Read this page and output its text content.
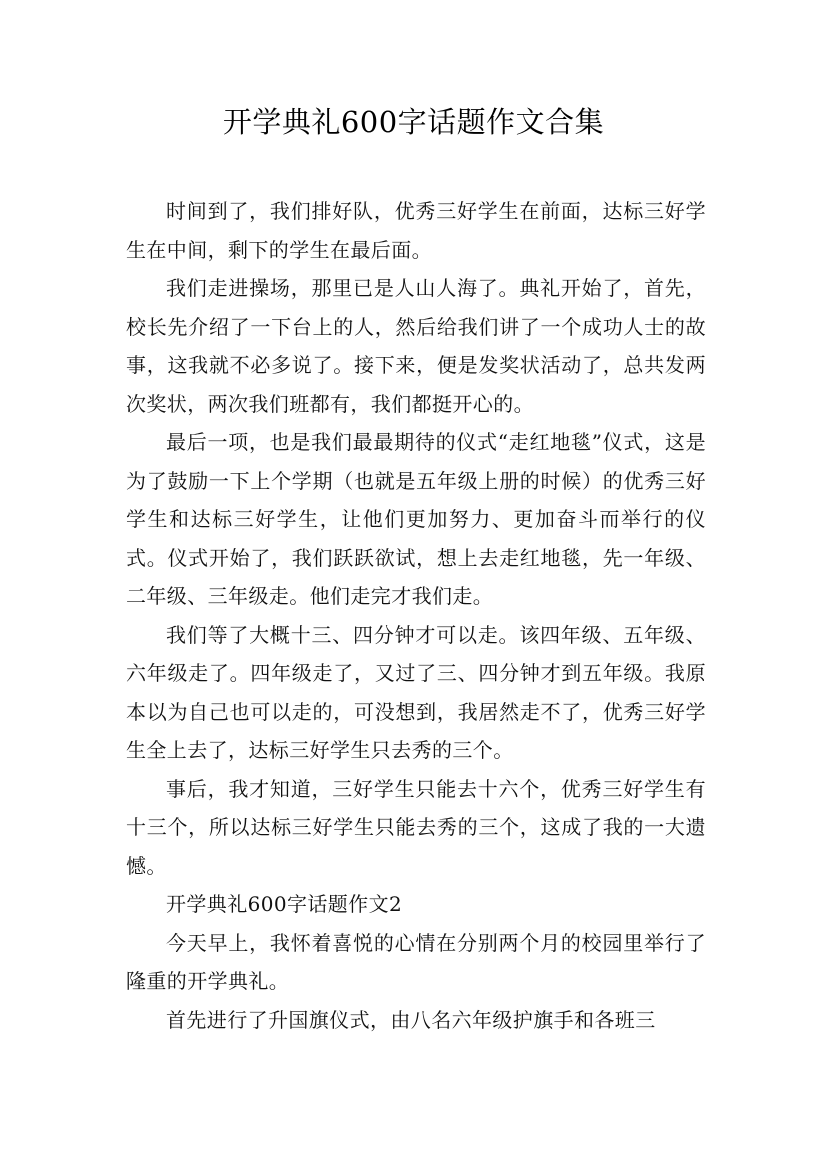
开学典礼600字话题作文合集

时间到了，我们排好队，优秀三好学生在前面，达标三好学生在中间，剩下的学生在最后面。

我们走进操场，那里已是人山人海了。典礼开始了，首先，校长先介绍了一下台上的人，然后给我们讲了一个成功人士的故事，这我就不必多说了。接下来，便是发奖状活动了，总共发两次奖状，两次我们班都有，我们都挺开心的。

最后一项，也是我们最最期待的仪式“走红地毯”仪式，这是为了鼓励一下上个学期（也就是五年级上册的时候）的优秀三好学生和达标三好学生，让他们更加努力、更加奋斗而举行的仪式。仪式开始了，我们跃跃欲试，想上去走红地毯，先一年级、二年级、三年级走。他们走完才我们走。

我们等了大概十三、四分钟才可以走。该四年级、五年级、六年级走了。四年级走了，又过了三、四分钟才到五年级。我原本以为自己也可以走的，可没想到，我居然走不了，优秀三好学生全上去了，达标三好学生只去秀的三个。

事后，我才知道，三好学生只能去十六个，优秀三好学生有十三个，所以达标三好学生只能去秀的三个，这成了我的一大遗憾。

开学典礼600字话题作文2

今天早上，我怀着喜悦的心情在分别两个月的校园里举行了隆重的开学典礼。

首先进行了升国旗仪式，由八名六年级护旗手和各班三
